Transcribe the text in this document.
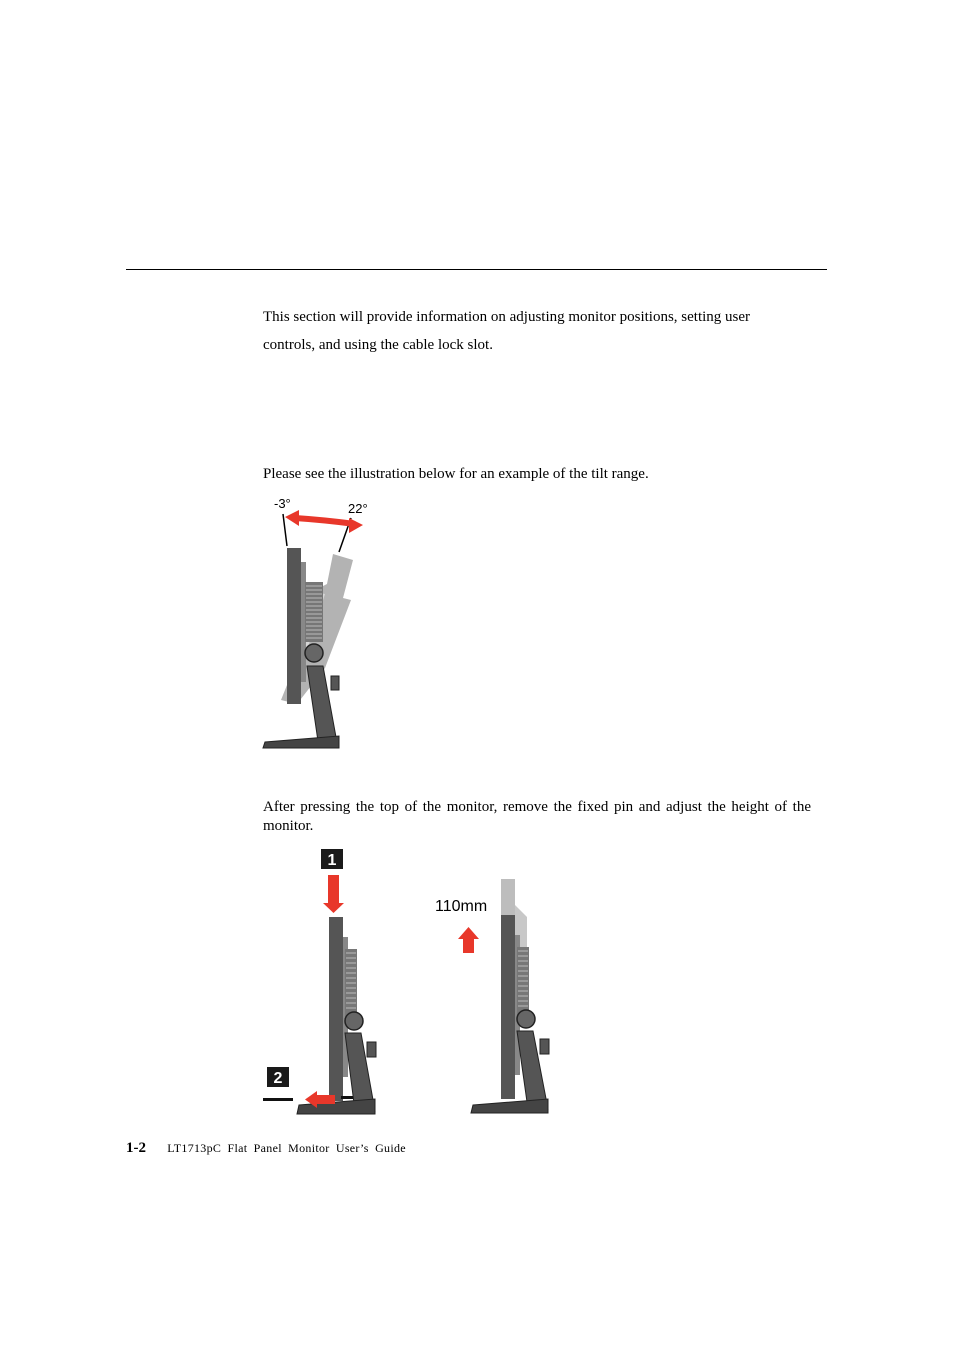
This section will provide information on adjusting monitor positions, setting user controls, and using the cable lock slot.

Please see the illustration below for an example of the tilt range.

-3°	22°

After pressing the top of the monitor, remove the fixed pin and adjust the height of the monitor.

1
2
110mm
1-2 LT1713pC Flat Panel Monitor User’s Guide
